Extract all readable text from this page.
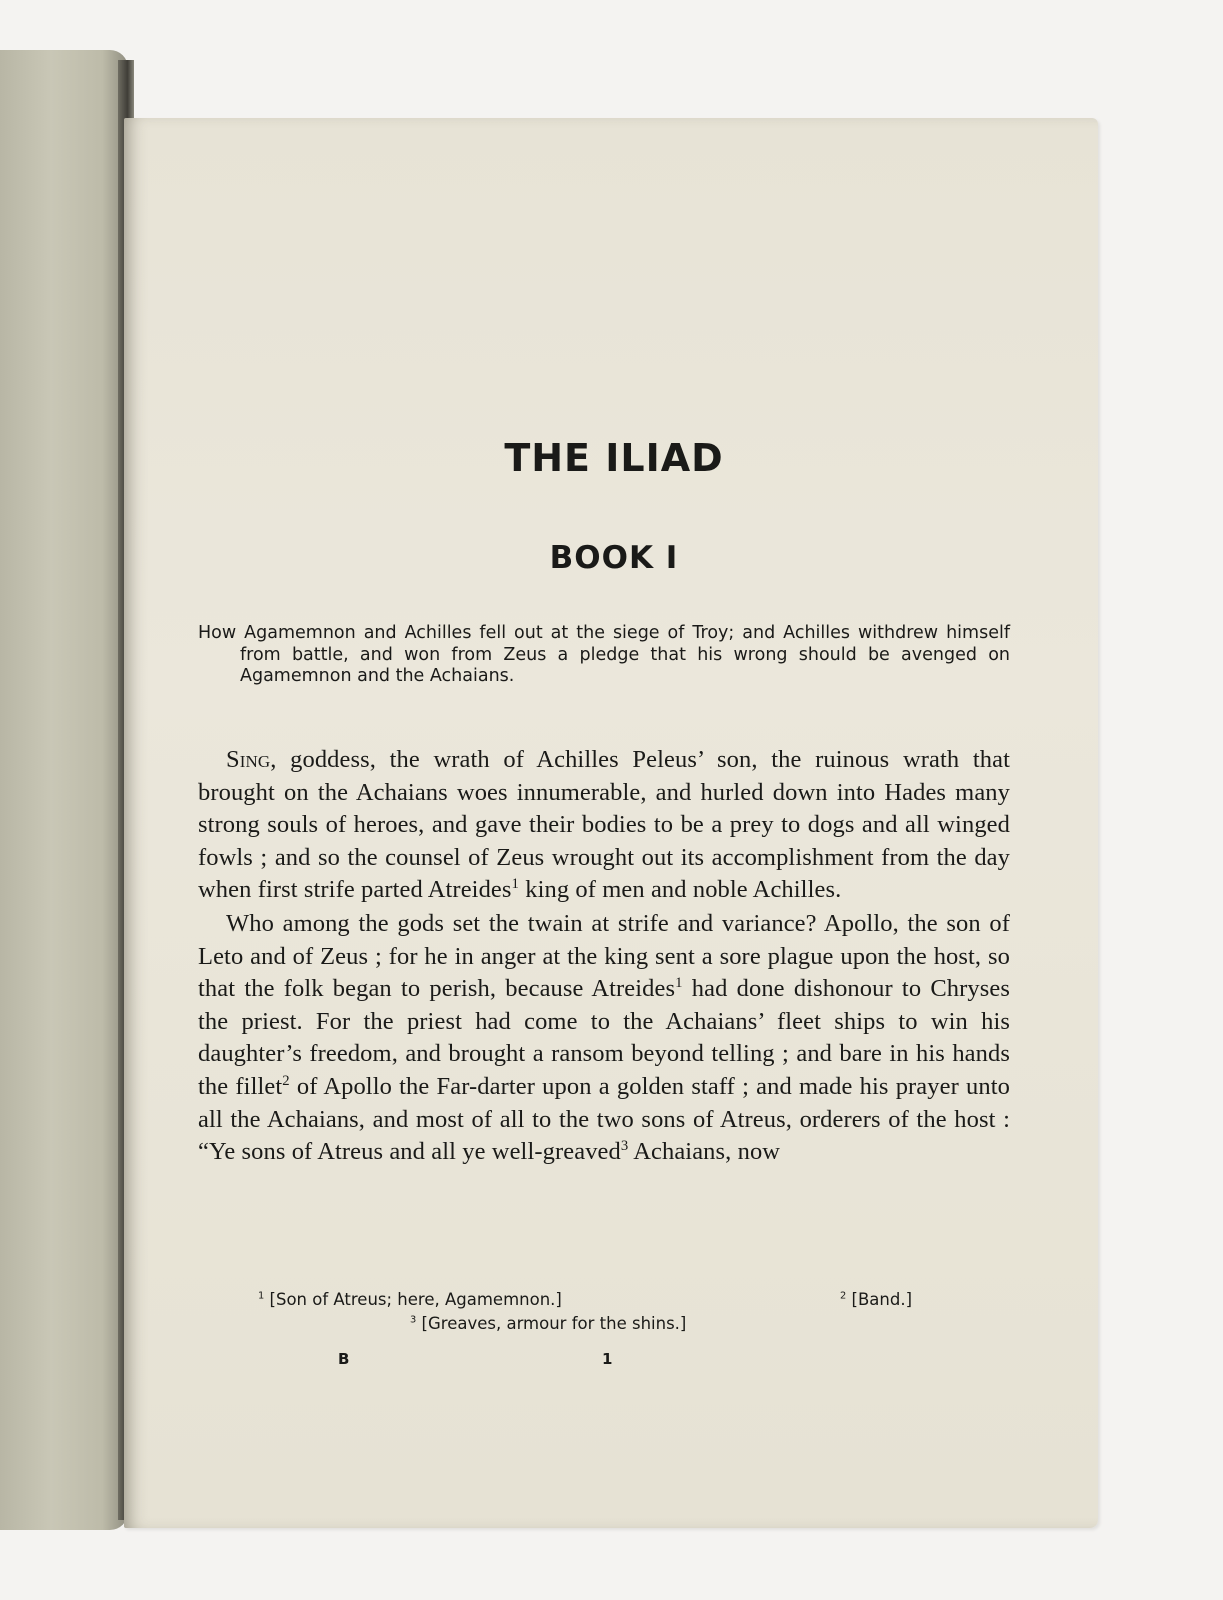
THE ILIAD
BOOK I

How Agamemnon and Achilles fell out at the siege of Troy; and Achilles withdrew himself from battle, and won from Zeus a pledge that his wrong should be avenged on Agamemnon and the Achaians.

Sing, goddess, the wrath of Achilles Peleus’ son, the ruinous wrath that brought on the Achaians woes innumerable, and hurled down into Hades many strong souls of heroes, and gave their bodies to be a prey to dogs and all winged fowls ; and so the counsel of Zeus wrought out its accomplishment from the day when first strife parted Atreides$^1$ king of men and noble Achilles.

Who among the gods set the twain at strife and variance? Apollo, the son of Leto and of Zeus ; for he in anger at the king sent a sore plague upon the host, so that the folk began to perish, because Atreides$^1$ had done dishonour to Chryses the priest. For the priest had come to the Achaians’ fleet ships to win his daughter’s freedom, and brought a ransom beyond telling ; and bare in his hands the fillet$^2$ of Apollo the Far-darter upon a golden staff ; and made his prayer unto all the Achaians, and most of all to the two sons of Atreus, orderers of the host : “Ye sons of Atreus and all ye well-greaved$^3$ Achaians, now

$^1$ [Son of Atreus; here, Agamemnon.]	$^2$ [Band.]
$^3$ [Greaves, armour for the shins.]
B	1
